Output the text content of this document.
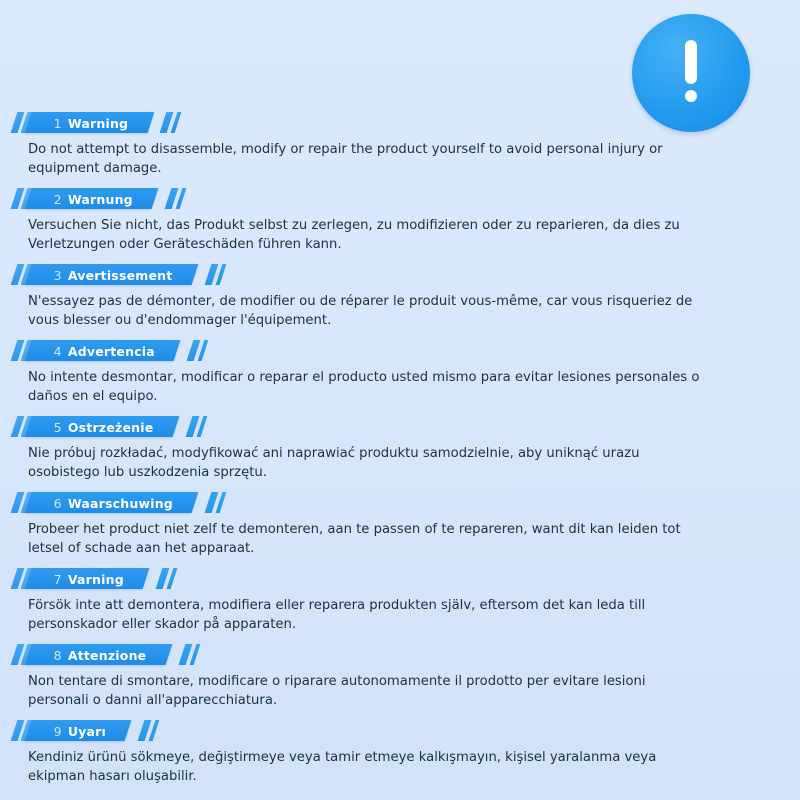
1 Warning

Do not attempt to disassemble, modify or repair the product yourself to avoid personal injury or equipment damage.

2 Warnung

Versuchen Sie nicht, das Produkt selbst zu zerlegen, zu modifizieren oder zu reparieren, da dies zu Verletzungen oder Geräteschäden führen kann.

3 Avertissement

N'essayez pas de démonter, de modifier ou de réparer le produit vous-même, car vous risqueriez de vous blesser ou d'endommager l'équipement.

4 Advertencia

No intente desmontar, modificar o reparar el producto usted mismo para evitar lesiones personales o daños en el equipo.

5 Ostrzeżenie

Nie próbuj rozkładać, modyfikować ani naprawiać produktu samodzielnie, aby uniknąć urazu osobistego lub uszkodzenia sprzętu.

6 Waarschuwing

Probeer het product niet zelf te demonteren, aan te passen of te repareren, want dit kan leiden tot letsel of schade aan het apparaat.

7 Varning

Försök inte att demontera, modifiera eller reparera produkten själv, eftersom det kan leda till personskador eller skador på apparaten.

8 Attenzione

Non tentare di smontare, modificare o riparare autonomamente il prodotto per evitare lesioni personali o danni all'apparecchiatura.

9 Uyarı

Kendiniz ürünü sökmeye, değiştirmeye veya tamir etmeye kalkışmayın, kişisel yaralanma veya ekipman hasarı oluşabilir.
